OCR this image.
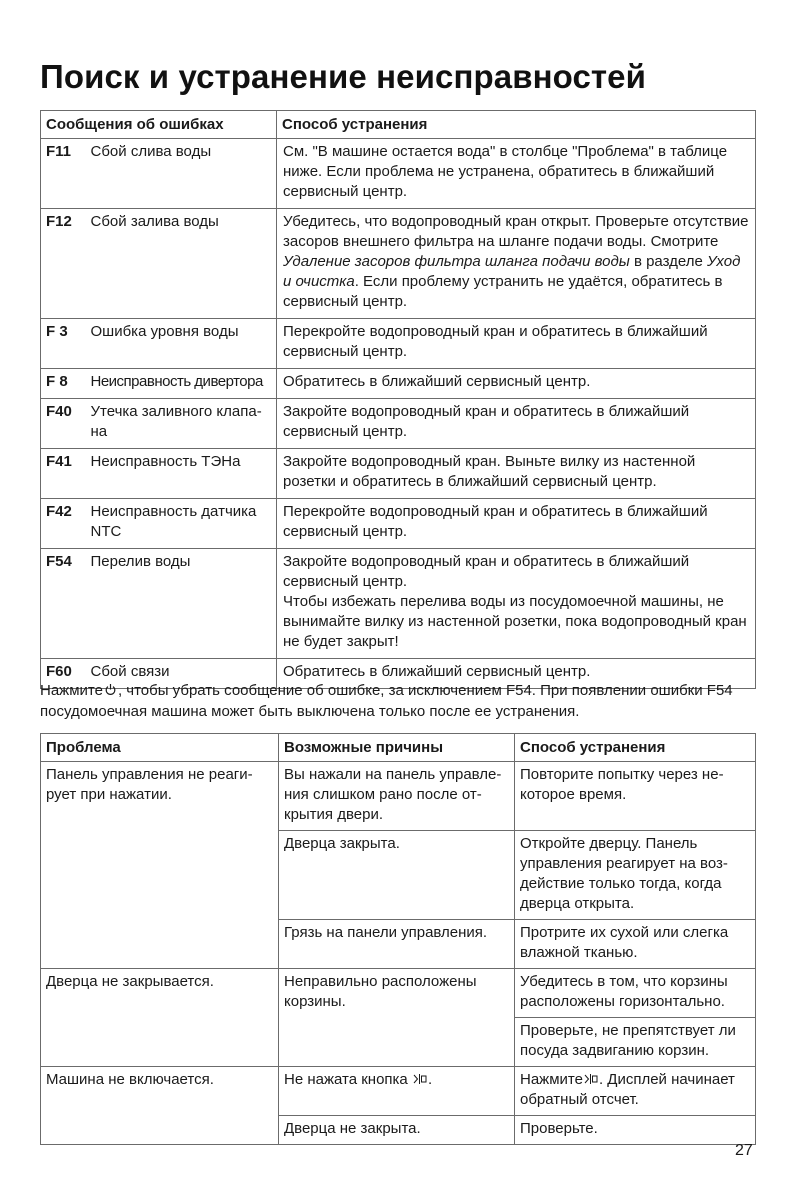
Поиск и устранение неисправностей
Сообщения об ошибках		Способ устранения
F11	Сбой слива воды	См. "В машине остается вода" в столбце "Проблема" в таблице ниже. Если проблема не устранена, обратитесь в ближайший сервисный центр.
F12	Сбой залива воды	Убедитесь, что водопроводный кран открыт. Проверьте отсутствие засоров внешнего фильтра на шланге подачи воды. Смотрите Удаление засоров фильтра шланга подачи воды в разделе Уход и очистка. Если проблему устранить не удаётся, обратитесь в сервисный центр.
F 3	Ошибка уровня воды	Перекройте водопроводный кран и обратитесь в ближайший сервисный центр.
F 8	Неисправность дивертора	Обратитесь в ближайший сервисный центр.
F40	Утечка заливного клапана	Закройте водопроводный кран и обратитесь в ближайший сервисный центр.
F41	Неисправность ТЭНа	Закройте водопроводный кран. Выньте вилку из настенной розетки и обратитесь в ближайший сервисный центр.
F42	Неисправность датчика NTC	Перекройте водопроводный кран и обратитесь в ближайший сервисный центр.
F54	Перелив воды	Закройте водопроводный кран и обратитесь в ближайший сервисный центр.
Чтобы избежать перелива воды из посудомоечной машины, не вынимайте вилку из настенной розетки, пока водопроводный кран не будет закрыт!
F60	Сбой связи	Обратитесь в ближайший сервисный центр.

Нажмите , чтобы убрать сообщение об ошибке, за исключением F54. При появлении ошибки F54 посудомоечная машина может быть выключена только после ее устранения.

Проблема	Возможные причины	Способ устранения
Панель управления не реагирует при нажатии.	Вы нажали на панель управления слишком рано после открытия двери.	Повторите попытку через некоторое время.
	Дверца закрыта.	Откройте дверцу. Панель управления реагирует на воздействие только тогда, когда дверца открыта.
	Грязь на панели управления.	Протрите их сухой или слегка влажной тканью.
Дверца не закрывается.	Неправильно расположены корзины.	Убедитесь в том, что корзины расположены горизонтально.
		Проверьте, не препятствует ли посуда задвиганию корзин.
Машина не включается.	Не нажата кнопка .	Нажмите . Дисплей начинает обратный отсчет.
	Дверца не закрыта.	Проверьте.

27
